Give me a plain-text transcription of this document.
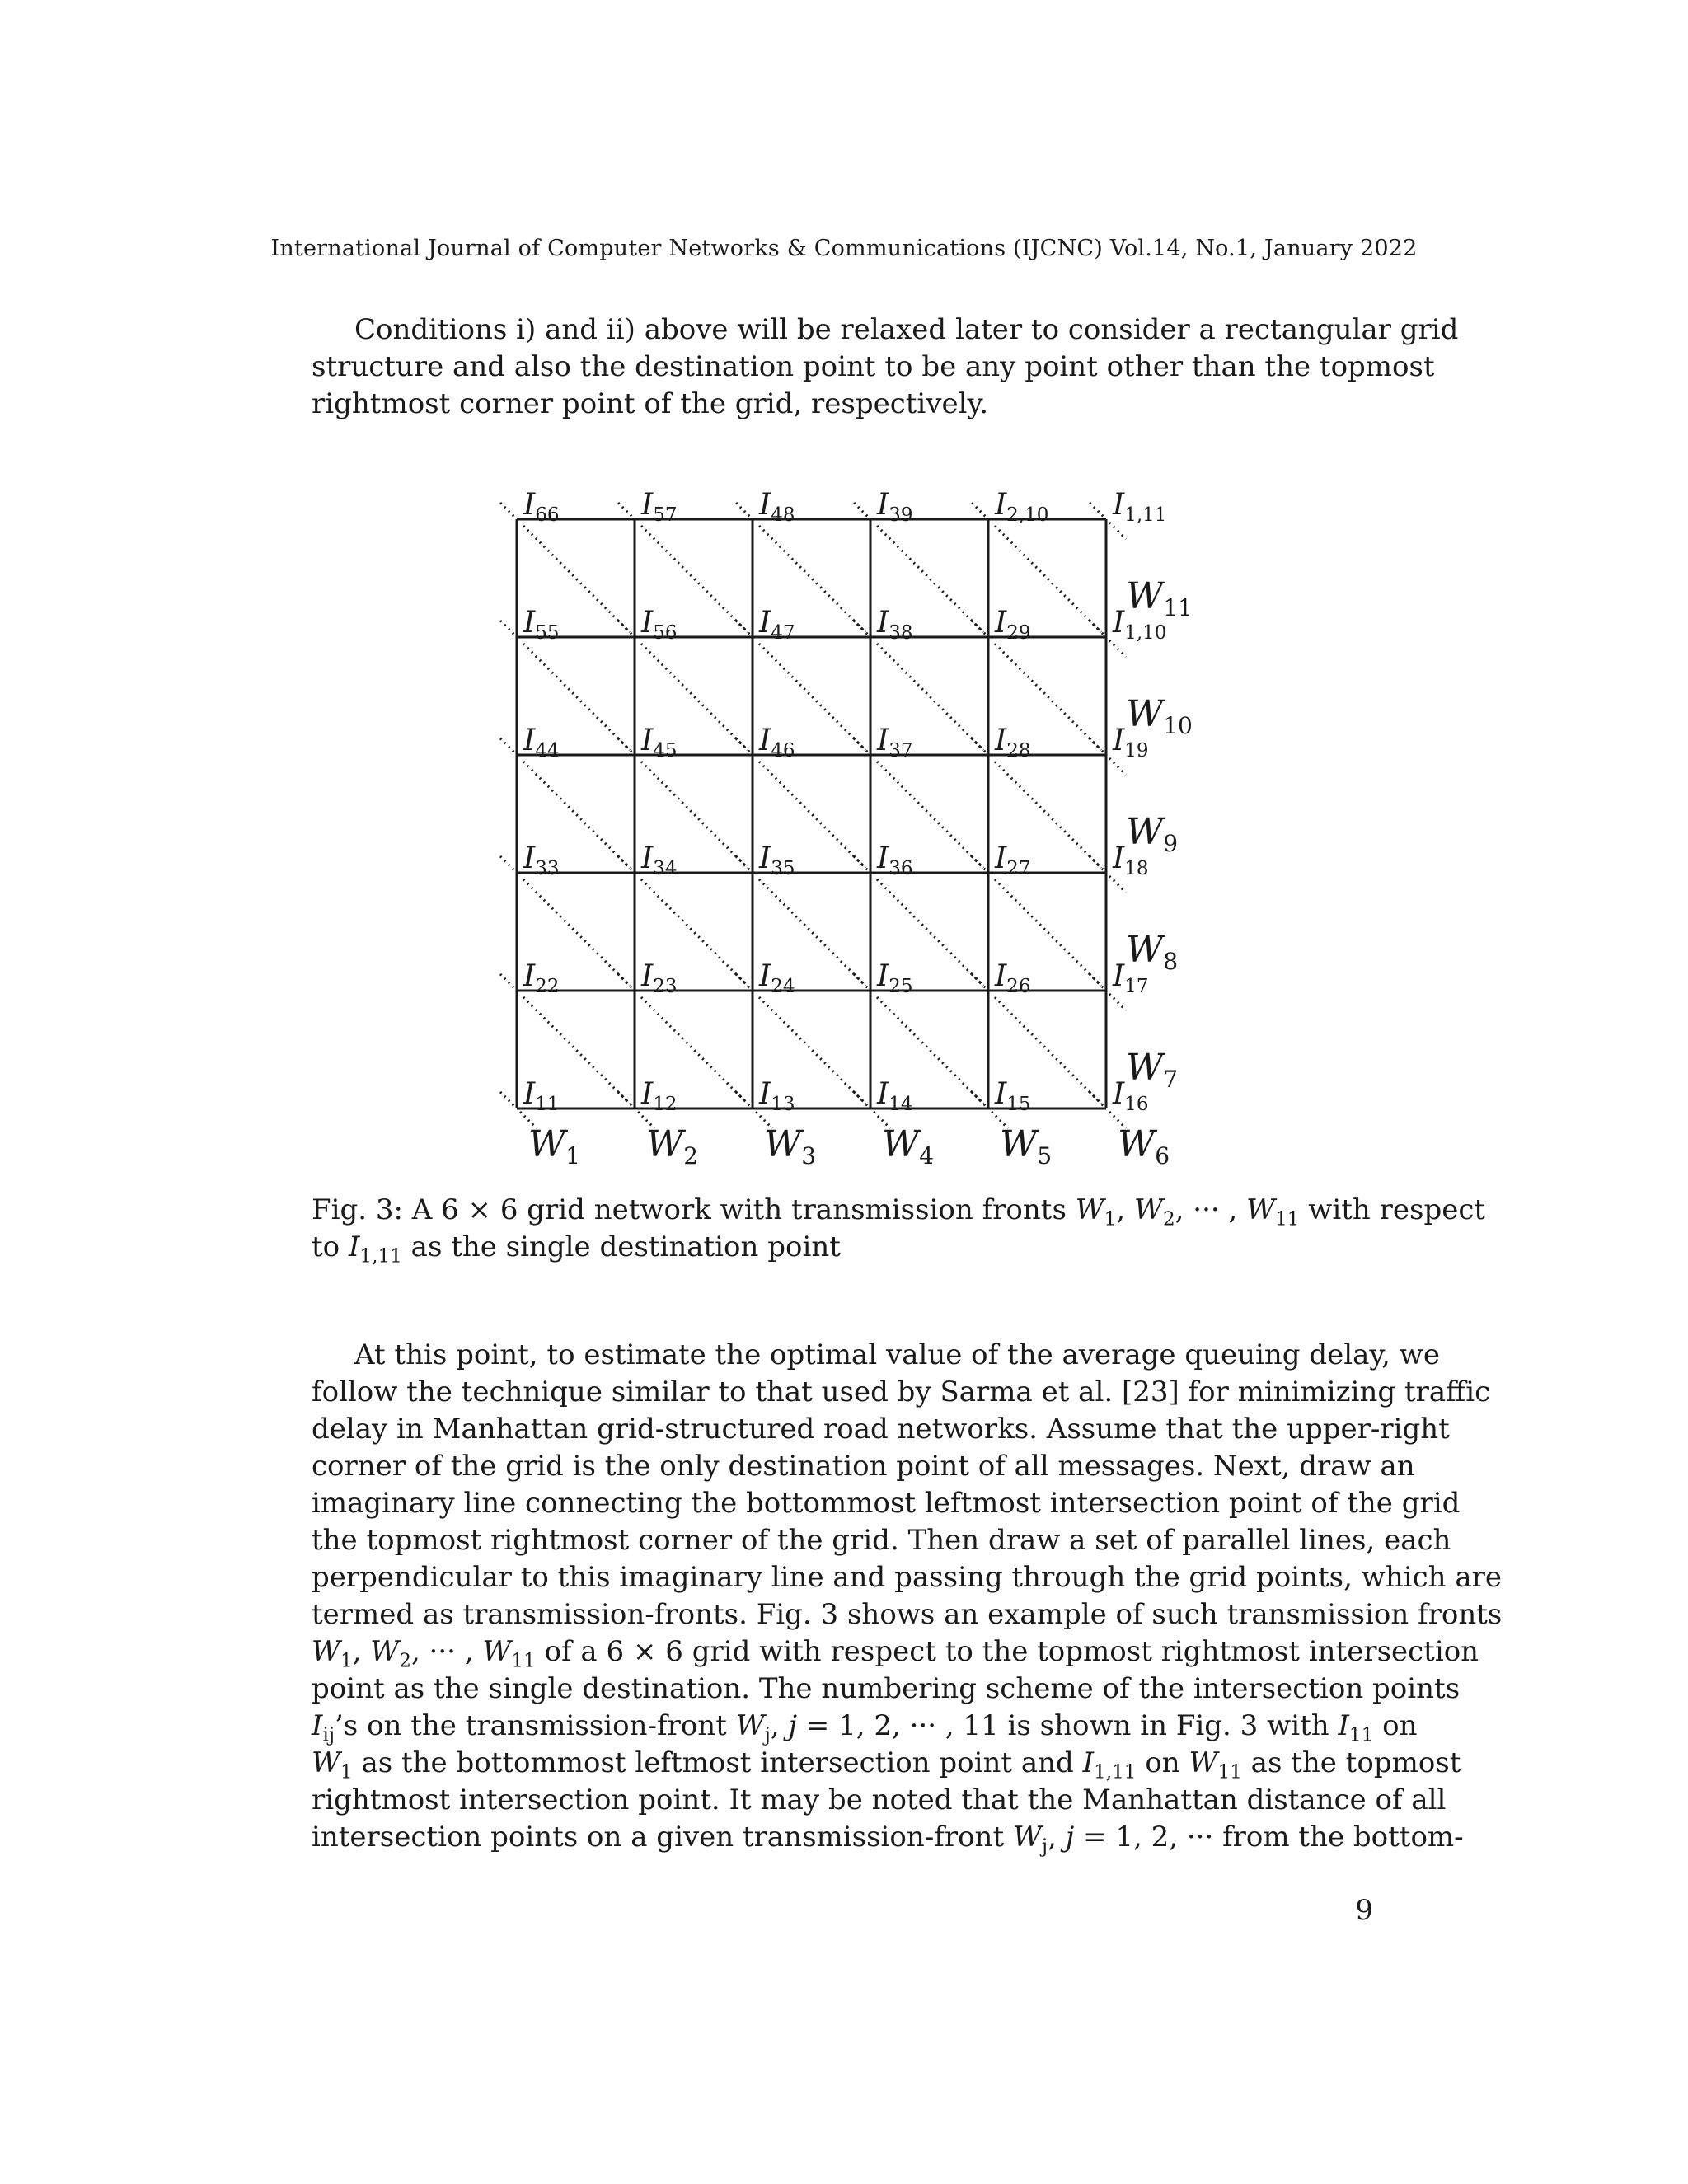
International Journal of Computer Networks & Communications (IJCNC) Vol.14, No.1, January 2022
Conditions i) and ii) above will be relaxed later to consider a rectangular grid
structure and also the destination point to be any point other than the topmost
rightmost corner point of the grid, respectively.
$I_{66}$	$I_{57}$	$I_{48}$	$I_{39}$	$I_{2,10}$ $I_{1,11}$
$I_{55}$	$I_{56}$	$I_{47}$	$I_{38}$	$I_{29}$	$I_{1,10}$
$I_{44}$	$I_{45}$	$I_{46}$	$I_{37}$	$I_{28}$	$I_{19}$
$I_{33}$	$I_{34}$	$I_{35}$	$I_{36}$	$I_{27}$	$I_{18}$
$I_{22}$	$I_{23}$	$I_{24}$	$I_{25}$	$I_{26}$	$I_{17}$
$I_{11}$	$I_{12}$	$I_{13}$	$I_{14}$	$I_{15}$	$I_{16}$
$W_1$ $W_2$ $W_3$ $W_4$ $W_5$ $W_6$
$W_7$
$W_8$
$W_9$
$W_{10}$
$W_{11}$
Fig. 3: A 6 × 6 grid network with transmission fronts $W_1$, $W_2$, ··· , $W_{11}$ with respect
to $I_{1,11}$ as the single destination point
At this point, to estimate the optimal value of the average queuing delay, we
follow the technique similar to that used by Sarma et al. [23] for minimizing traffic
delay in Manhattan grid-structured road networks. Assume that the upper-right
corner of the grid is the only destination point of all messages. Next, draw an
imaginary line connecting the bottommost leftmost intersection point of the grid
the topmost rightmost corner of the grid. Then draw a set of parallel lines, each
perpendicular to this imaginary line and passing through the grid points, which are
termed as transmission-fronts. Fig. 3 shows an example of such transmission fronts
$W_1$, $W_2$, ··· , $W_{11}$ of a 6 × 6 grid with respect to the topmost rightmost intersection
point as the single destination. The numbering scheme of the intersection points
$I_{ij}’s$ on the transmission-front $W_j$, j = 1, 2, ··· , 11 is shown in Fig. 3 with $I_{11}$ on
$W_1$ as the bottommost leftmost intersection point and $I_{1,11}$ on $W_{11}$ as the topmost
rightmost intersection point. It may be noted that the Manhattan distance of all
intersection points on a given transmission-front $W_j$, j = 1, 2, ··· from the bottom-
9
